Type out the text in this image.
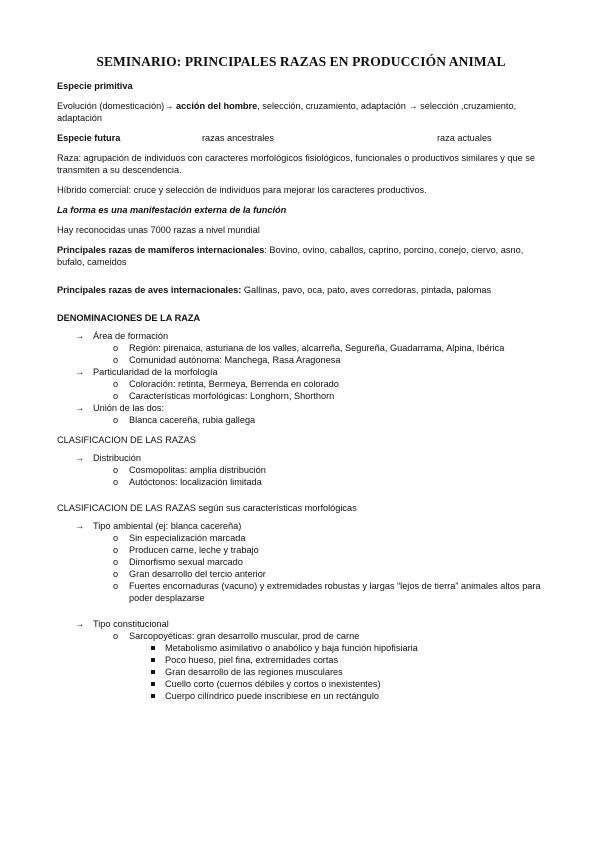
SEMINARIO: PRINCIPALES RAZAS EN PRODUCCIÓN ANIMAL

Especie primitiva

Evolución (domesticación)→ acción del hombre, selección, cruzamiento, adaptación → selección ,cruzamiento, adaptación

Especie futura	razas ancestrales	raza actuales

Raza: agrupación de individuos con caracteres morfológicos fisiológicos, funcionales o productivos similares y que se transmiten a su descendencia.

Híbrido comercial: cruce y selección de individuos para mejorar los caracteres productivos.

La forma es una manifestación externa de la función

Hay reconocidas unas 7000 razas a nivel mundial

Principales razas de mamíferos internacionales: Bovino, ovino, caballos, caprino, porcino, conejo, ciervo, asno, bufalo, cameidos

Principales razas de aves internacionales: Gallinas, pavo, oca, pato, aves corredoras, pintada, palomas

DENOMINACIONES DE LA RAZA

→ Área de formación
o Región: pirenaica, asturiana de los valles, alcarreña, Segureña, Guadarrama, Alpina, Ibérica
o Comunidad autónoma: Manchega, Rasa Aragonesa
→ Particularidad de la morfología
o Coloración: retinta, Bermeya, Berrenda en colorado
o Características morfológicas: Longhorn, Shorthorn
→ Unión de las dos:
o Blanca cacereña, rubia gallega

CLASIFICACION DE LAS RAZAS

→ Distribución
o Cosmopolitas: amplia distribución
o Autóctonos: localización limitada

CLASIFICACION DE LAS RAZAS según sus características morfológicas

→ Tipo ambiental (ej: blanca cacereña)
o Sin especialización marcada
o Producen carne, leche y trabajo
o Dimorfismo sexual marcado
o Gran desarrollo del tercio anterior
o Fuertes encornaduras (vacuno) y extremidades robustas y largas “lejos de tierra” animales altos para poder desplazarse
→ Tipo constitucional
o Sarcopoyéticas: gran desarrollo muscular, prod de carne
Metabolismo asimilativo o anabólico y baja función hipofisiaria
Poco hueso, piel fina, extremidades cortas
Gran desarrollo de las regiones musculares
Cuello corto (cuernos débiles y cortos o inexistentes)
Cuerpo cilíndrico puede inscribiese en un rectángulo
